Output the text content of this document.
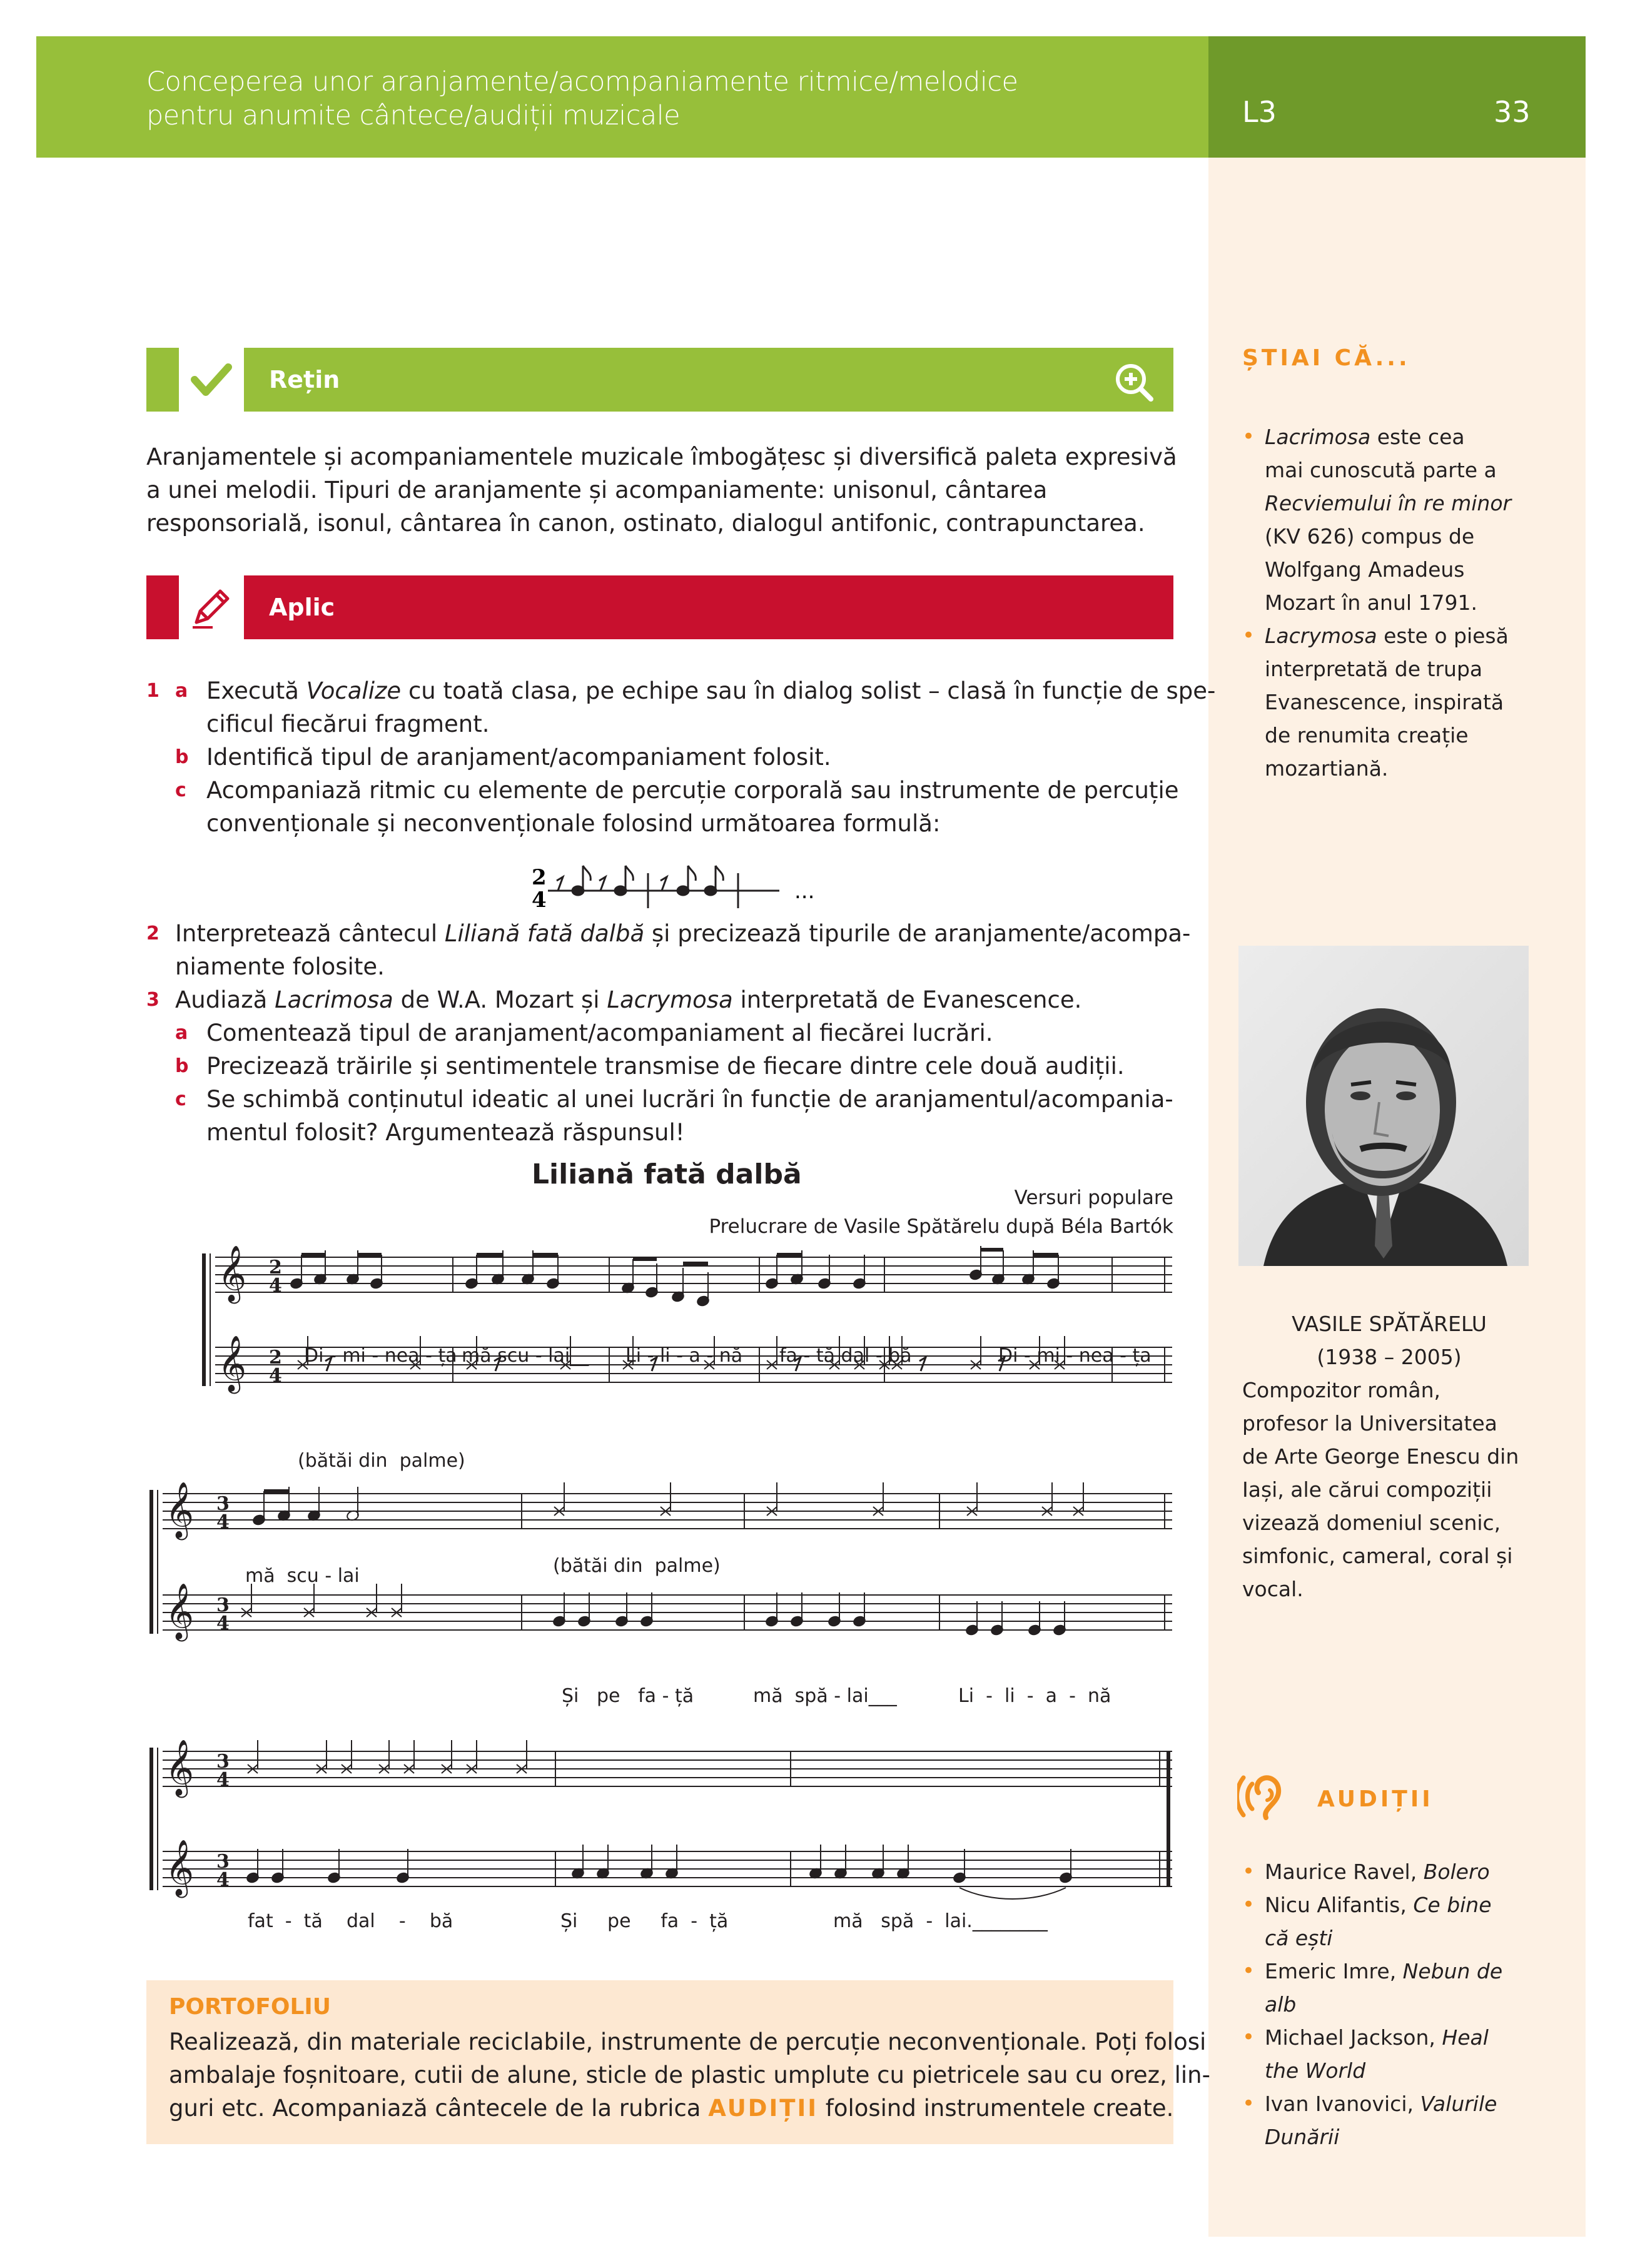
Conceperea unor aranjamente/acompaniamente ritmice/melodice
pentru anumite cântece/audiții muzicale	L3	33
ȘTIAI CĂ...
• Lacrimosa este cea
mai cunoscută parte a
Recviemului în re minor
(KV 626) compus de
Wolfgang Amadeus
Mozart în anul 1791.
• Lacrymosa este o piesă
interpretată de trupa
Evanescence, inspirată
de renumita creație
mozartiană.
VASILE SPĂTĂRELU
(1938 – 2005)
Compozitor român,
profesor la Universitatea
de Arte George Enescu din
Iași, ale cărui compoziții
vizează domeniul scenic,
simfonic, cameral, coral și
vocal.
AUDIȚII
• Maurice Ravel, Bolero
• Nicu Alifantis, Ce bine
că ești
• Emeric Imre, Nebun de
alb
• Michael Jackson, Heal
the World
• Ivan Ivanovici, Valurile
Dunării
Rețin
Aranjamentele și acompaniamentele muzicale îmbogățesc și diversifică paleta expresivă a unei melodii. Tipuri de aranjamente și acompaniamente: unisonul, cântarea responsorială, isonul, cântarea în canon, ostinato, dialogul antifonic, contrapunctarea.
Aplic
1 a Execută Vocalize cu toată clasa, pe echipe sau în dialog solist – clasă în funcție de spe-
cificul fiecărui fragment.
b Identifică tipul de aranjament/acompaniament folosit.
c Acompaniază ritmic cu elemente de percuție corporală sau instrumente de percuție
convenționale și neconvenționale folosind următoarea formulă:
2
4	...
2 Interpretează cântecul Liliană fată dalbă și precizează tipurile de aranjamente/acompa-
niamente folosite.
3 Audiază Lacrimosa de W.A. Mozart și Lacrymosa interpretată de Evanescence.
a Comentează tipul de aranjament/acompaniament al fiecărei lucrări.
b Precizează trăirile și sentimentele transmise de fiecare dintre cele două audiții.
c Se schimbă conținutul ideatic al unei lucrări în funcție de aranjamentul/acompania-
mentul folosit? Argumentează răspunsul!
Liliană fată dalbă
Versuri populare
Prelucrare de Vasile Spătărelu după Béla Bartók
𝄞 2
4
𝄞 2
4
𝄞 3
4
𝄞 3
4
𝄞 3
4
𝄞 3
4
Di - mi - nea - ța mă scu - lai__ Li - li - a - nă fa - tă dal - bă	Di - mi - nea - ța
(bătăi din  palme)
mă  scu - lai	(bătăi din  palme)
Și   pe   fa - ță	mă  spă - lai___	Li  -  li  -  a  -  nă
fat  -  tă    dal    -    bă	Și     pe     fa  -  ță	mă   spă  -  lai.________
PORTOFOLIU
Realizează, din materiale reciclabile, instrumente de percuție neconvenționale. Poți folosi
ambalaje foșnitoare, cutii de alune, sticle de plastic umplute cu pietricele sau cu orez, lin-
guri etc. Acompaniază cântecele de la rubrica AUDIȚII folosind instrumentele create.
